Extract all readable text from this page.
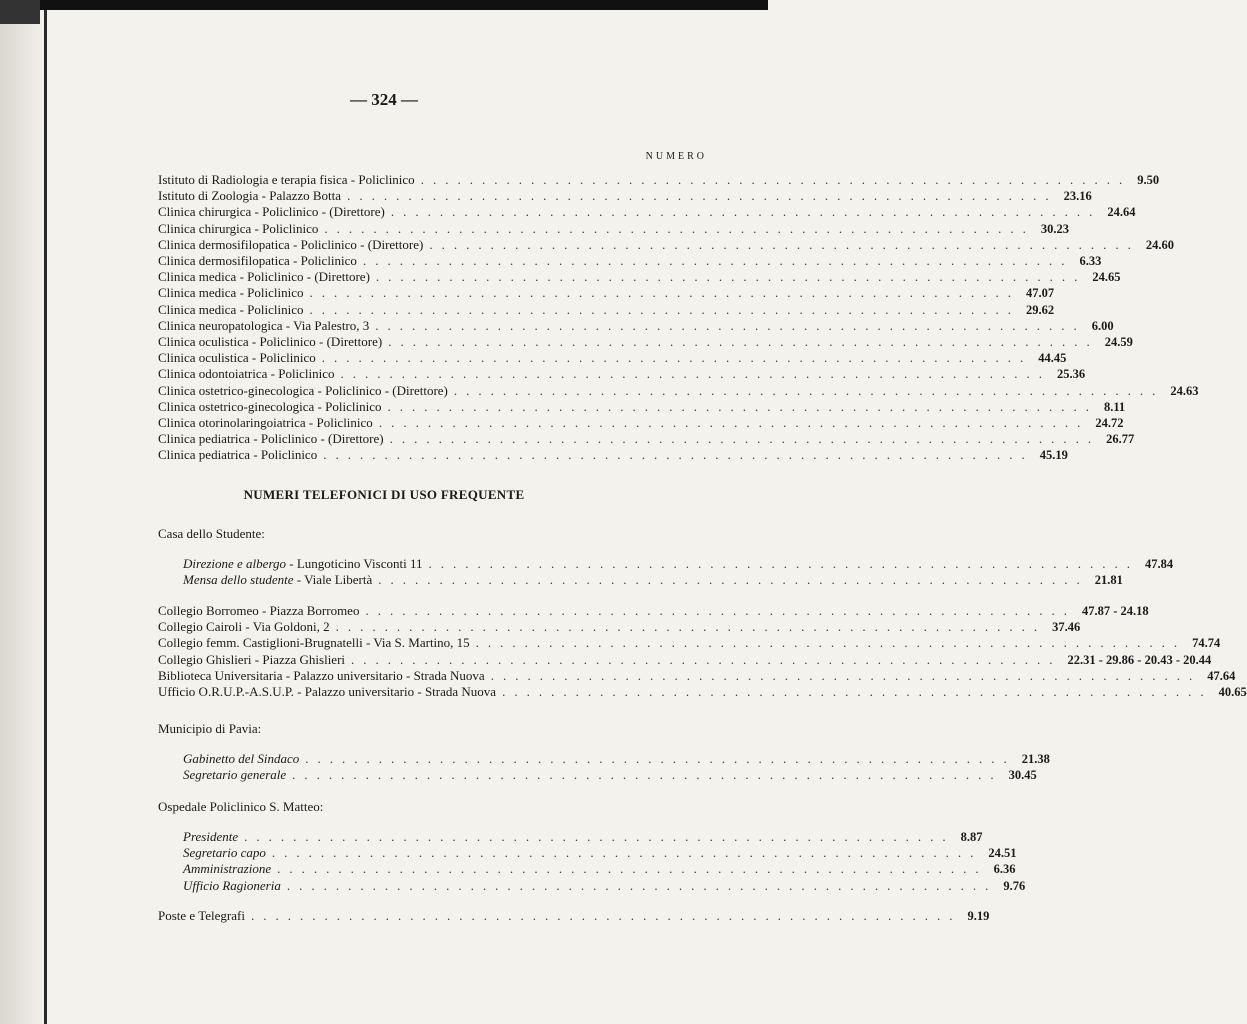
— 324 —
NUMERO
Istituto di Radiologia e terapia fisica - Policlinico .......................................................... 9.50
Istituto di Zoologia - Palazzo Botta .......................................................... 23.16
Clinica chirurgica - Policlinico - (Direttore) .......................................................... 24.64
Clinica chirurgica - Policlinico .......................................................... 30.23
Clinica dermosifilopatica - Policlinico - (Direttore) .......................................................... 24.60
Clinica dermosifilopatica - Policlinico .......................................................... 6.33
Clinica medica - Policlinico - (Direttore) .......................................................... 24.65
Clinica medica - Policlinico .......................................................... 47.07
Clinica medica - Policlinico .......................................................... 29.62
Clinica neuropatologica - Via Palestro, 3 .......................................................... 6.00
Clinica oculistica - Policlinico - (Direttore) .......................................................... 24.59
Clinica oculistica - Policlinico .......................................................... 44.45
Clinica odontoiatrica - Policlinico .......................................................... 25.36
Clinica ostetrico-ginecologica - Policlinico - (Direttore) .......................................................... 24.63
Clinica ostetrico-ginecologica - Policlinico .......................................................... 8.11
Clinica otorinolaringoiatrica - Policlinico .......................................................... 24.72
Clinica pediatrica - Policlinico - (Direttore) .......................................................... 26.77
Clinica pediatrica - Policlinico .......................................................... 45.19
NUMERI TELEFONICI DI USO FREQUENTE
Casa dello Studente:
Direzione e albergo - Lungoticino Visconti 11 .......................................................... 47.84
Mensa dello studente - Viale Libertà .......................................................... 21.81
Collegio Borromeo - Piazza Borromeo .......................................................... 47.87 - 24.18
Collegio Cairoli - Via Goldoni, 2 .......................................................... 37.46
Collegio femm. Castiglioni-Brugnatelli - Via S. Martino, 15 .......................................................... 74.74
Collegio Ghislieri - Piazza Ghislieri .......................................................... 22.31 - 29.86 - 20.43 - 20.44
Biblioteca Universitaria - Palazzo universitario - Strada Nuova .......................................................... 47.64
Ufficio O.R.U.P.-A.S.U.P. - Palazzo universitario - Strada Nuova .......................................................... 40.65
Municipio di Pavia:
Gabinetto del Sindaco .......................................................... 21.38
Segretario generale .......................................................... 30.45
Ospedale Policlinico S. Matteo:
Presidente .......................................................... 8.87
Segretario capo .......................................................... 24.51
Amministrazione .......................................................... 6.36
Ufficio Ragioneria .......................................................... 9.76
Poste e Telegrafi .......................................................... 9.19
